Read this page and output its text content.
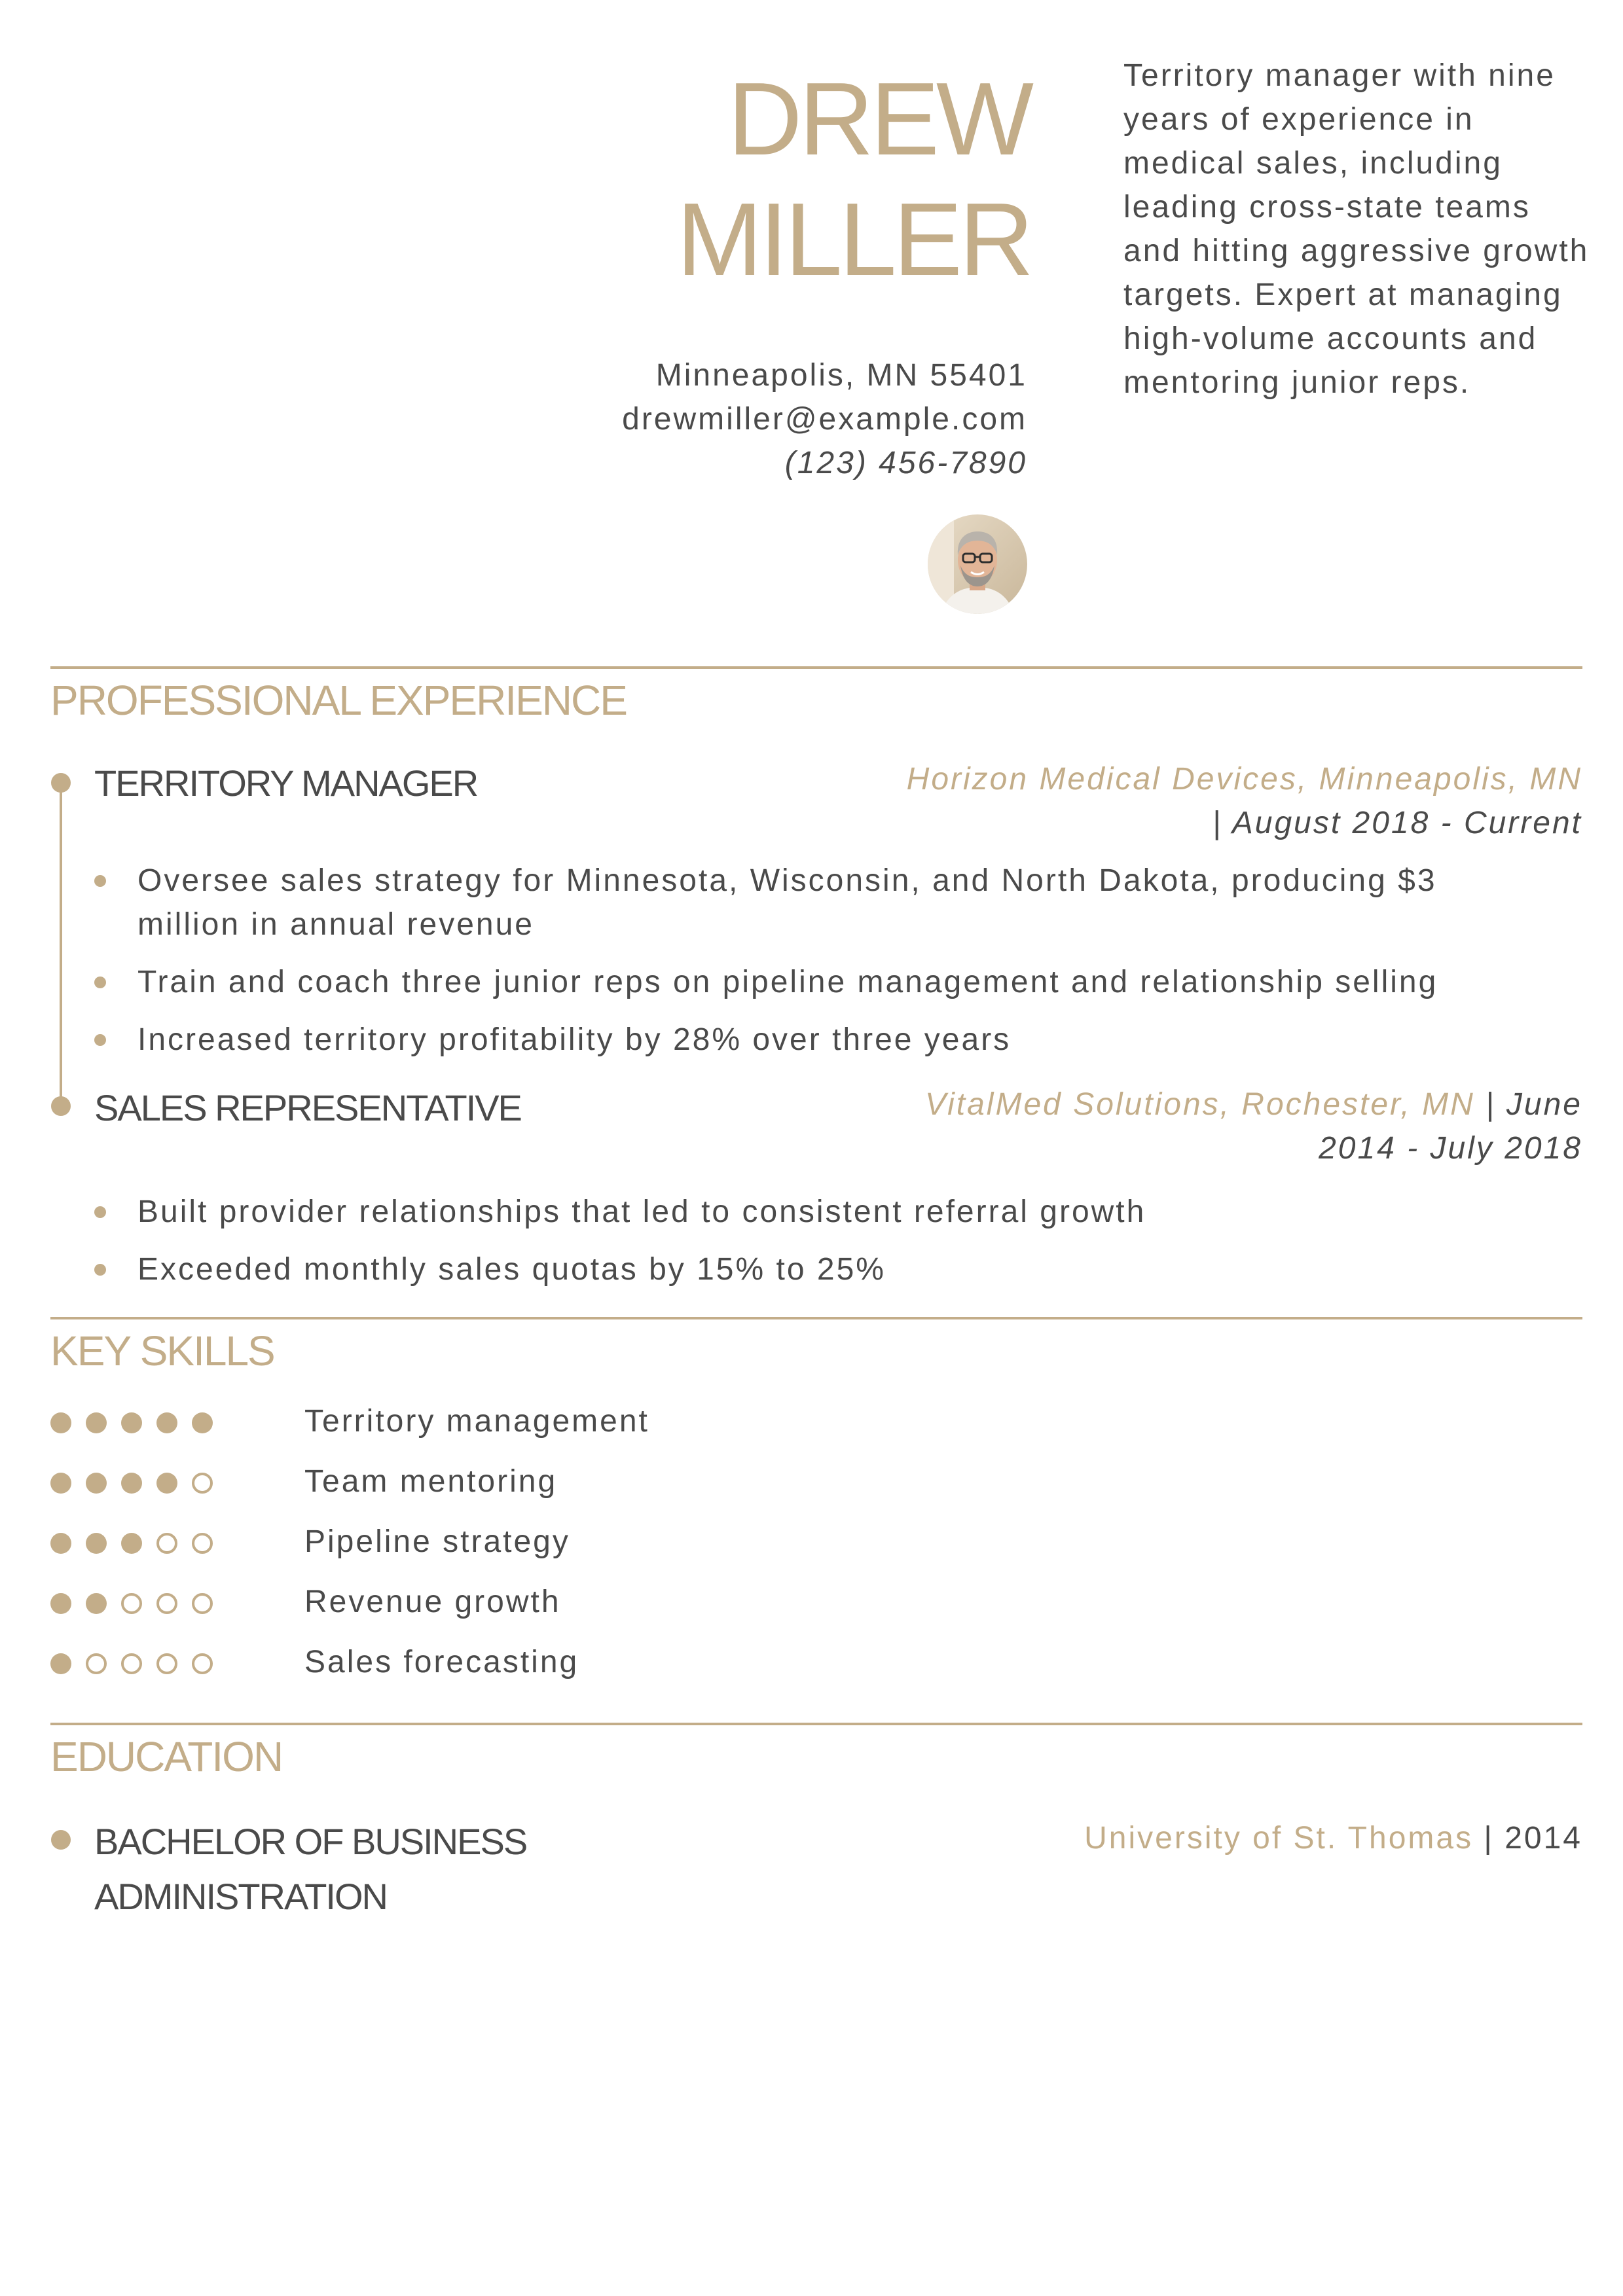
DREW
MILLER
Minneapolis, MN 55401
drewmiller@example.com
(123) 456-7890
Territory manager with nine years of experience in medical sales, including leading cross-state teams and hitting aggressive growth targets. Expert at managing high-volume accounts and mentoring junior reps.
PROFESSIONAL EXPERIENCE
TERRITORY MANAGER	Horizon Medical Devices, Minneapolis, MN
| August 2018 - Current
Oversee sales strategy for Minnesota, Wisconsin, and North Dakota, producing $3 million in annual revenue
Train and coach three junior reps on pipeline management and relationship selling
Increased territory profitability by 28% over three years
SALES REPRESENTATIVE	VitalMed Solutions, Rochester, MN | June
2014 - July 2018
Built provider relationships that led to consistent referral growth
Exceeded monthly sales quotas by 15% to 25%
KEY SKILLS
Territory management
Team mentoring
Pipeline strategy
Revenue growth
Sales forecasting
EDUCATION
BACHELOR OF BUSINESS ADMINISTRATION
University of St. Thomas | 2014
